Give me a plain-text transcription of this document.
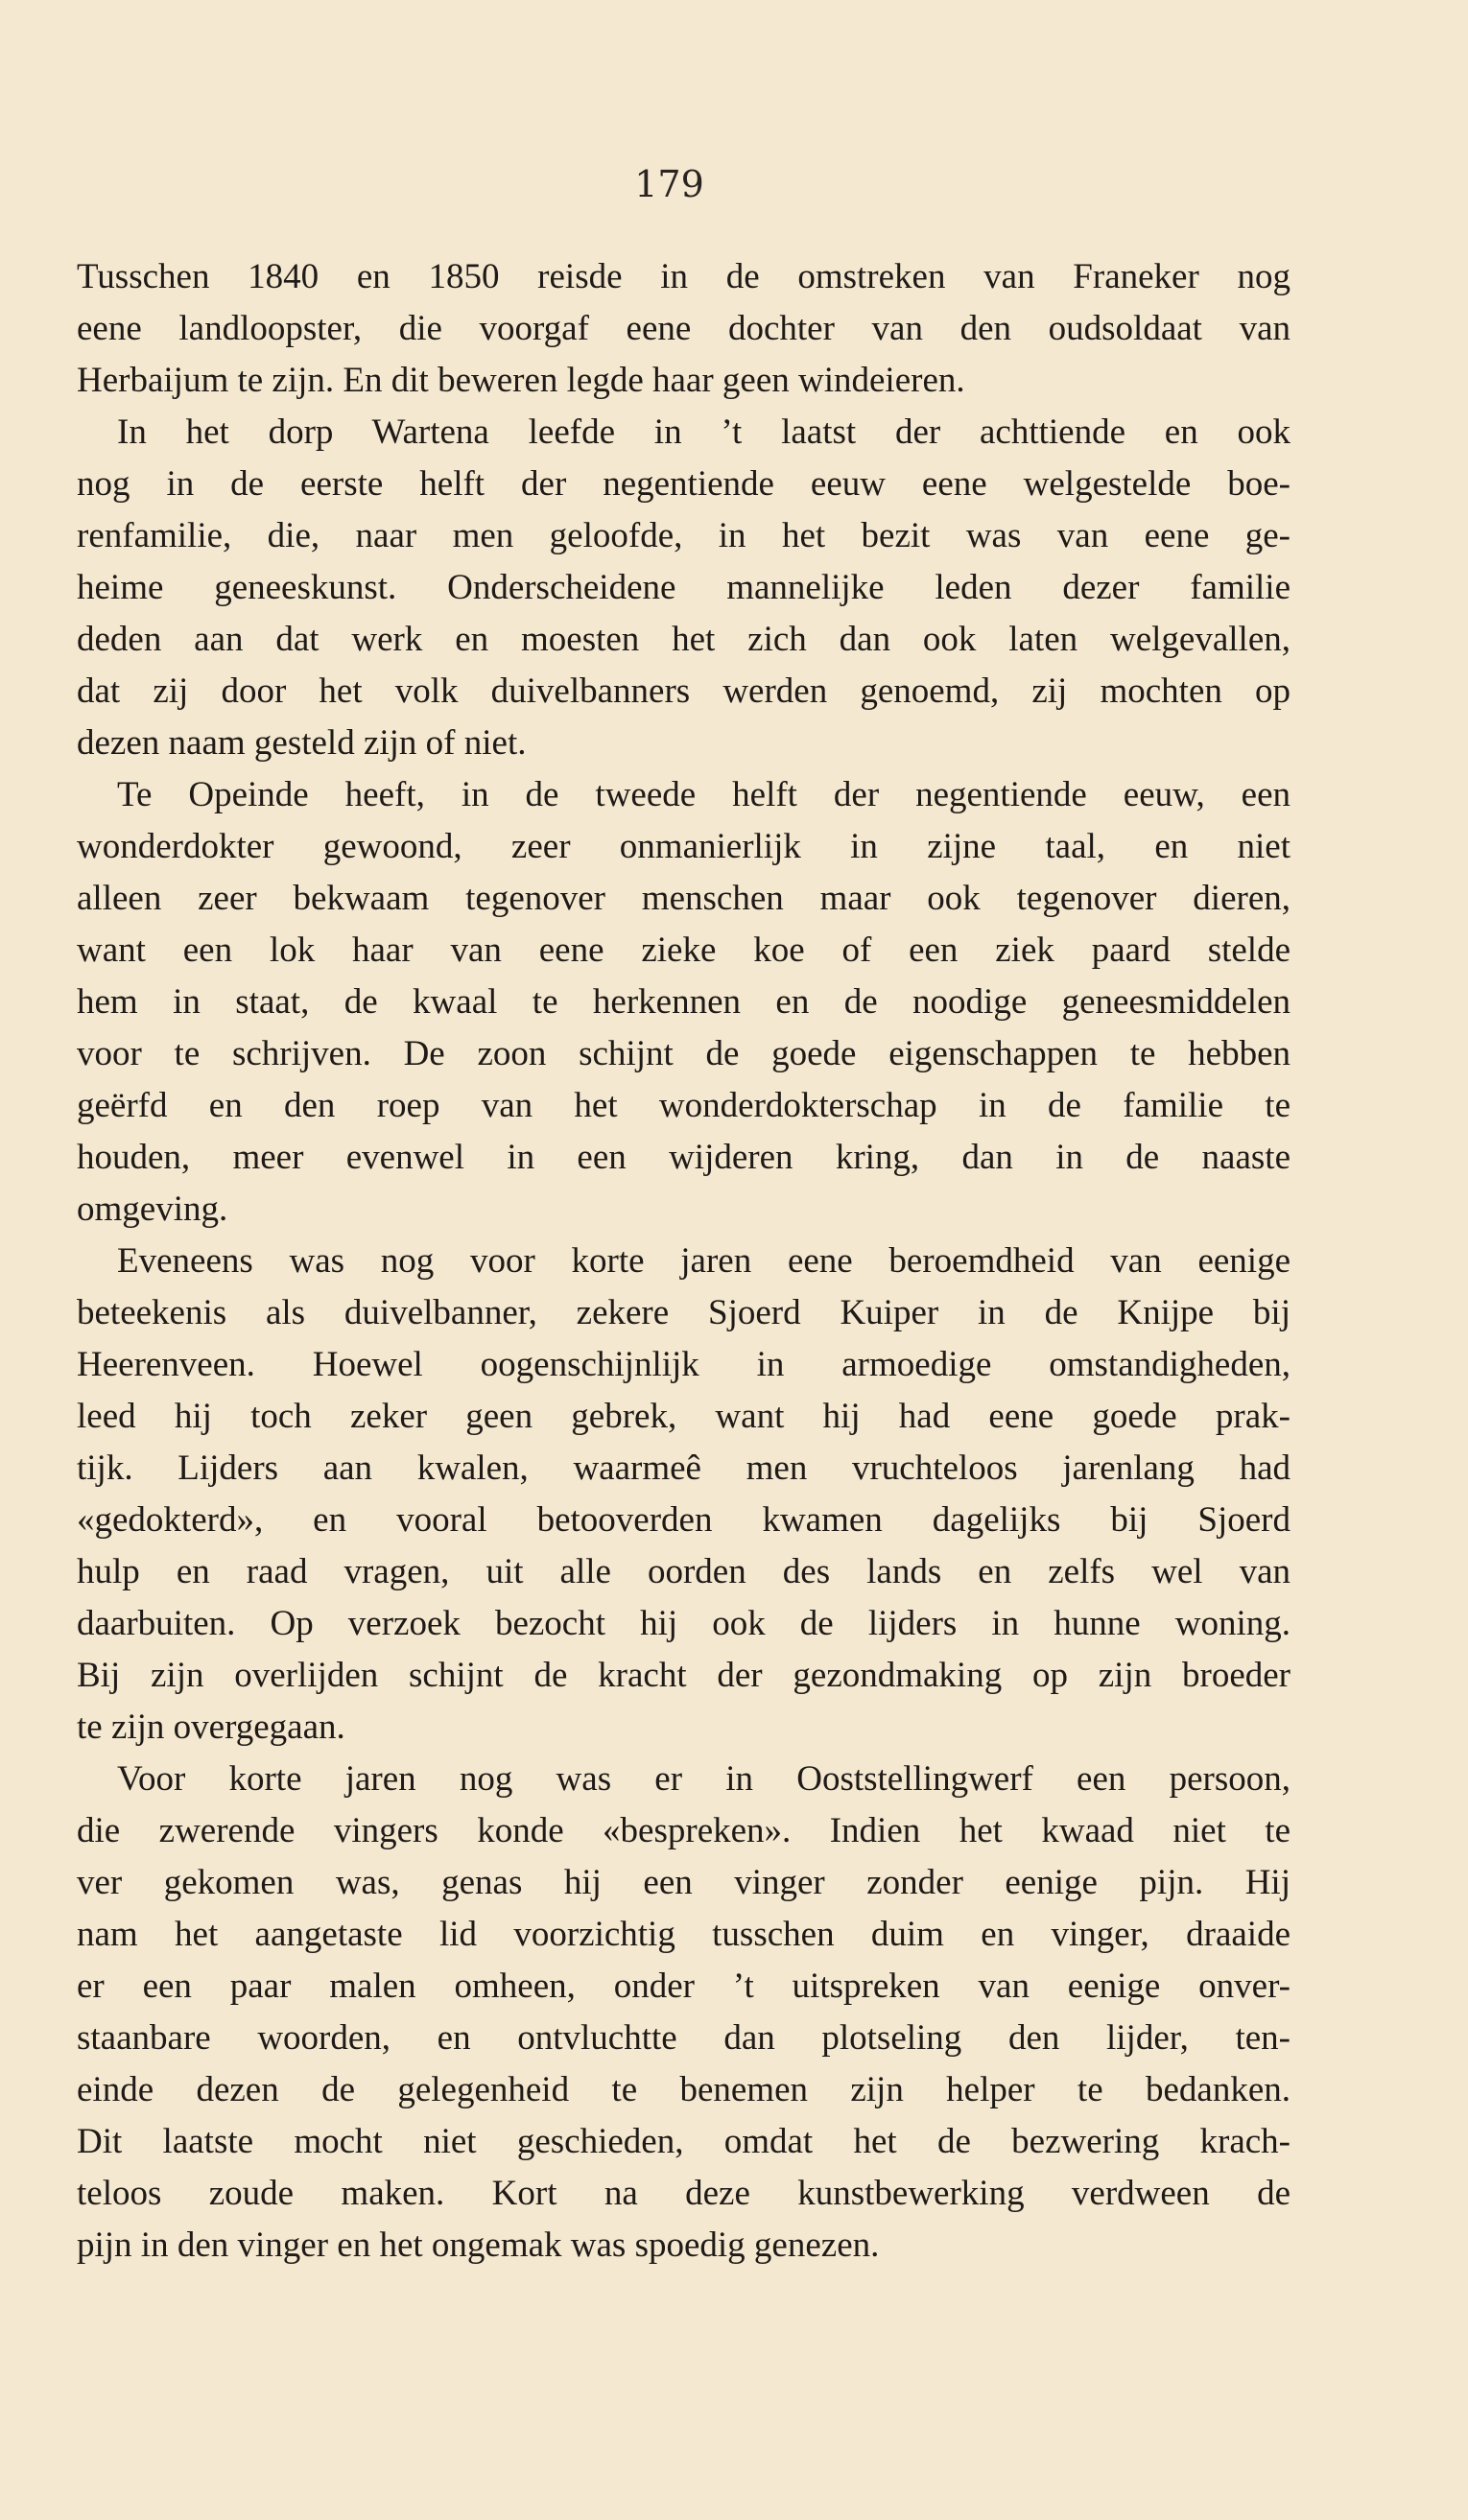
179
Tusschen 1840 en 1850 reisde in de omstreken van Franeker nog
eene landloopster, die voorgaf eene dochter van den oudsoldaat van
Herbaijum te zijn. En dit beweren legde haar geen windeieren.
In het dorp Wartena leefde in ’t laatst der achttiende en ook
nog in de eerste helft der negentiende eeuw eene welgestelde boe-
renfamilie, die, naar men geloofde, in het bezit was van eene ge-
heime geneeskunst. Onderscheidene mannelijke leden dezer familie
deden aan dat werk en moesten het zich dan ook laten welgevallen,
dat zij door het volk duivelbanners werden genoemd, zij mochten op
dezen naam gesteld zijn of niet.
Te Opeinde heeft, in de tweede helft der negentiende eeuw, een
wonderdokter gewoond, zeer onmanierlijk in zijne taal, en niet
alleen zeer bekwaam tegenover menschen maar ook tegenover dieren,
want een lok haar van eene zieke koe of een ziek paard stelde
hem in staat, de kwaal te herkennen en de noodige geneesmiddelen
voor te schrijven. De zoon schijnt de goede eigenschappen te hebben
geërfd en den roep van het wonderdokterschap in de familie te
houden, meer evenwel in een wijderen kring, dan in de naaste
omgeving.
Eveneens was nog voor korte jaren eene beroemdheid van eenige
beteekenis als duivelbanner, zekere Sjoerd Kuiper in de Knijpe bij
Heerenveen. Hoewel oogenschijnlijk in armoedige omstandigheden,
leed hij toch zeker geen gebrek, want hij had eene goede prak-
tijk. Lijders aan kwalen, waarmeê men vruchteloos jarenlang had
«gedokterd», en vooral betooverden kwamen dagelijks bij Sjoerd
hulp en raad vragen, uit alle oorden des lands en zelfs wel van
daarbuiten. Op verzoek bezocht hij ook de lijders in hunne woning.
Bij zijn overlijden schijnt de kracht der gezondmaking op zijn broeder
te zijn overgegaan.
Voor korte jaren nog was er in Ooststellingwerf een persoon,
die zwerende vingers konde «bespreken». Indien het kwaad niet te
ver gekomen was, genas hij een vinger zonder eenige pijn. Hij
nam het aangetaste lid voorzichtig tusschen duim en vinger, draaide
er een paar malen omheen, onder ’t uitspreken van eenige onver-
staanbare woorden, en ontvluchtte dan plotseling den lijder, ten-
einde dezen de gelegenheid te benemen zijn helper te bedanken.
Dit laatste mocht niet geschieden, omdat het de bezwering krach-
teloos zoude maken. Kort na deze kunstbewerking verdween de
pijn in den vinger en het ongemak was spoedig genezen.
